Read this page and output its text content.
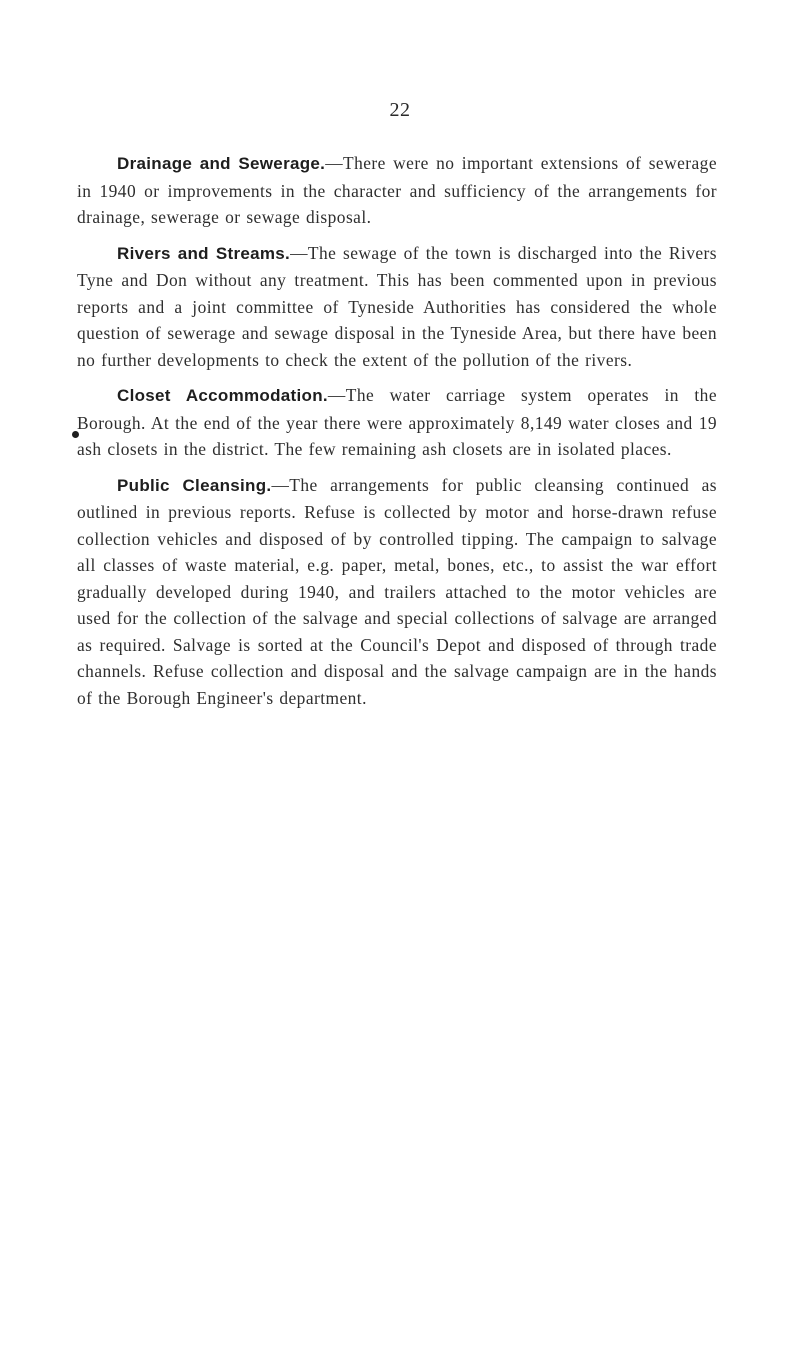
22

Drainage and Sewerage.—There were no important extensions of sewerage in 1940 or improvements in the character and sufficiency of the arrangements for drainage, sewerage or sewage disposal.

Rivers and Streams.—The sewage of the town is discharged into the Rivers Tyne and Don without any treatment. This has been commented upon in previous reports and a joint committee of Tyneside Authorities has considered the whole question of sewerage and sewage disposal in the Tyneside Area, but there have been no further developments to check the extent of the pollution of the rivers.

Closet Accommodation.—The water carriage system operates in the Borough. At the end of the year there were approximately 8,149 water closes and 19 ash closets in the district. The few remaining ash closets are in isolated places.

Public Cleansing.—The arrangements for public cleansing continued as outlined in previous reports. Refuse is collected by motor and horse-drawn refuse collection vehicles and disposed of by controlled tipping. The campaign to salvage all classes of waste material, e.g. paper, metal, bones, etc., to assist the war effort gradually developed during 1940, and trailers attached to the motor vehicles are used for the collection of the salvage and special collections of salvage are arranged as required. Salvage is sorted at the Council's Depot and disposed of through trade channels. Refuse collection and disposal and the salvage campaign are in the hands of the Borough Engineer's department.
